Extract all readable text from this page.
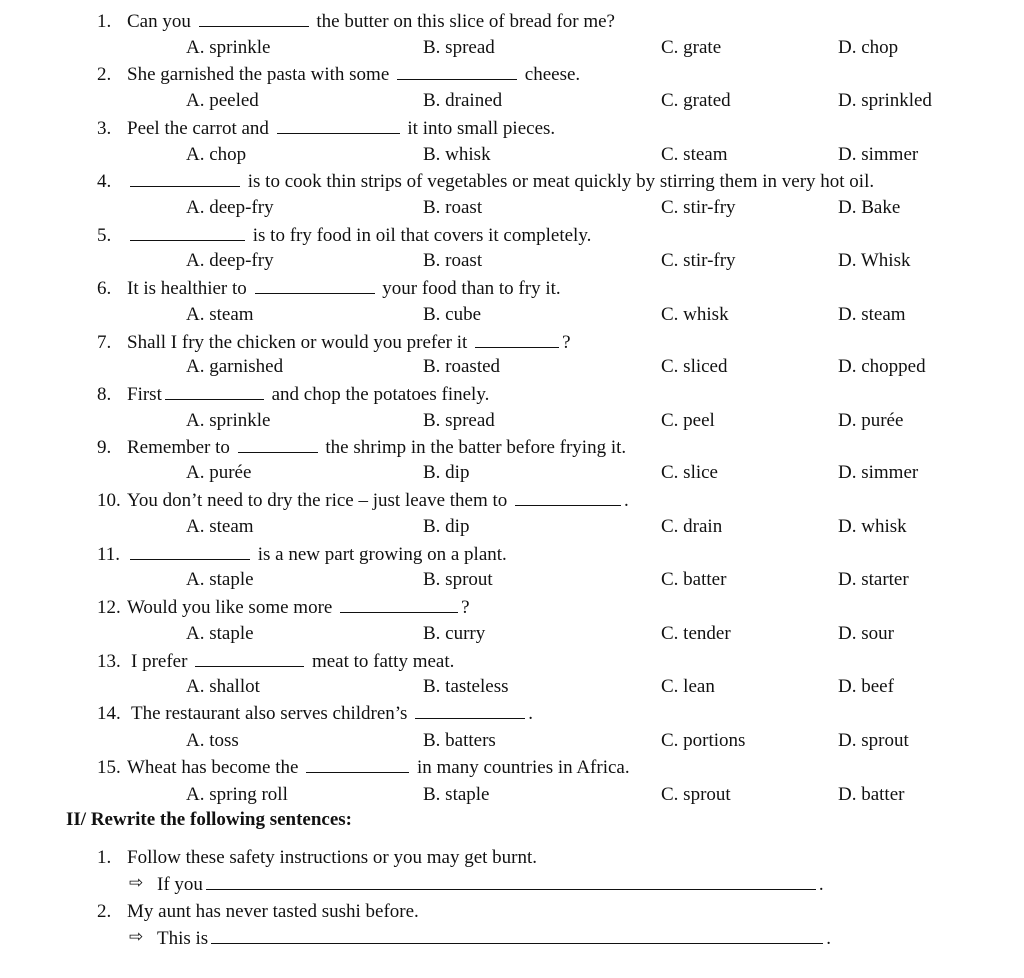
1. Can you	the butter on this slice of bread for me?
A. sprinkle	B. spread	C. grate	D. chop
2. She garnished the pasta with some	cheese.
A. peeled	B. drained	C. grated	D. sprinkled
3. Peel the carrot and	it into small pieces.
A. chop	B. whisk	C. steam	D. simmer
4.	is to cook thin strips of vegetables or meat quickly by stirring them in very hot oil.
A. deep-fry	B. roast	C. stir-fry	D. Bake
5.	is to fry food in oil that covers it completely.
A. deep-fry	B. roast	C. stir-fry	D. Whisk
6. It is healthier to	your food than to fry it.
A. steam	B. cube	C. whisk	D. steam
7. Shall I fry the chicken or would you prefer it	?
A. garnished	B. roasted	C. sliced	D. chopped
8. First	and chop the potatoes finely.
A. sprinkle	B. spread	C. peel	D. purée
9. Remember to	the shrimp in the batter before frying it.
A. purée	B. dip	C. slice	D. simmer
10. You don’t need to dry the rice – just leave them to	.
A. steam	B. dip	C. drain	D. whisk
11.	is a new part growing on a plant.
A. staple	B. sprout	C. batter	D. starter
12. Would you like some more	?
A. staple	B. curry	C. tender	D. sour
13. I prefer	meat to fatty meat.
A. shallot	B. tasteless	C. lean	D. beef
14. The restaurant also serves children’s	.
A. toss	B. batters	C. portions	D. sprout
15. Wheat has become the	in many countries in Africa.
A. spring roll	B. staple	C. sprout	D. batter
II/ Rewrite the following sentences:
1. Follow these safety instructions or you may get burnt.
⇨ If you	.
2. My aunt has never tasted sushi before.
⇨ This is	.
